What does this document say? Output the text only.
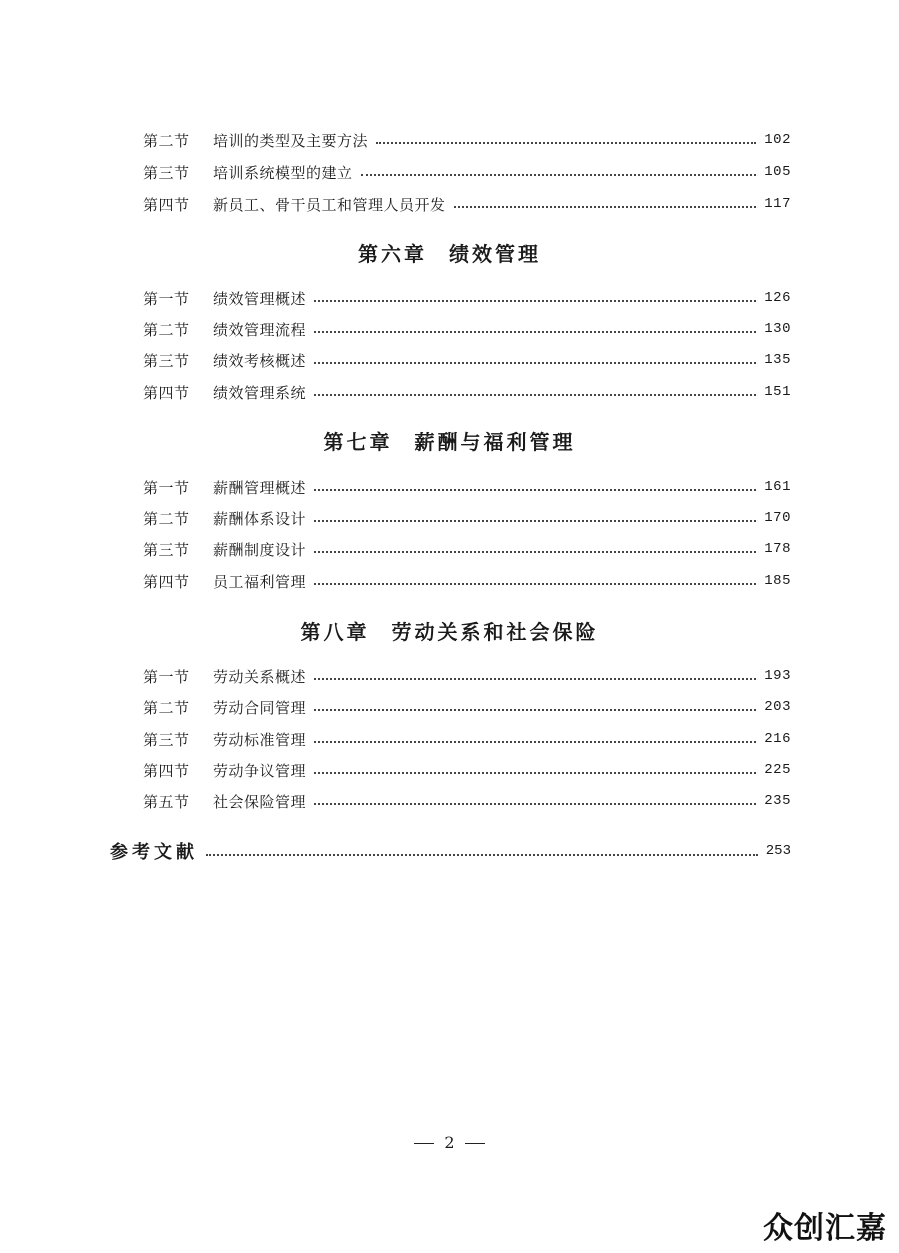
第二节	培训的类型及主要方法	102
第三节	培训系统模型的建立	105
第四节	新员工、骨干员工和管理人员开发	117
第六章 绩效管理
第一节	绩效管理概述	126
第二节	绩效管理流程	130
第三节	绩效考核概述	135
第四节	绩效管理系统	151
第七章 薪酬与福利管理
第一节	薪酬管理概述	161
第二节	薪酬体系设计	170
第三节	薪酬制度设计	178
第四节	员工福利管理	185
第八章 劳动关系和社会保险
第一节	劳动关系概述	193
第二节	劳动合同管理	203
第三节	劳动标准管理	216
第四节	劳动争议管理	225
第五节	社会保险管理	235
参考文献	253
2
众创汇嘉
